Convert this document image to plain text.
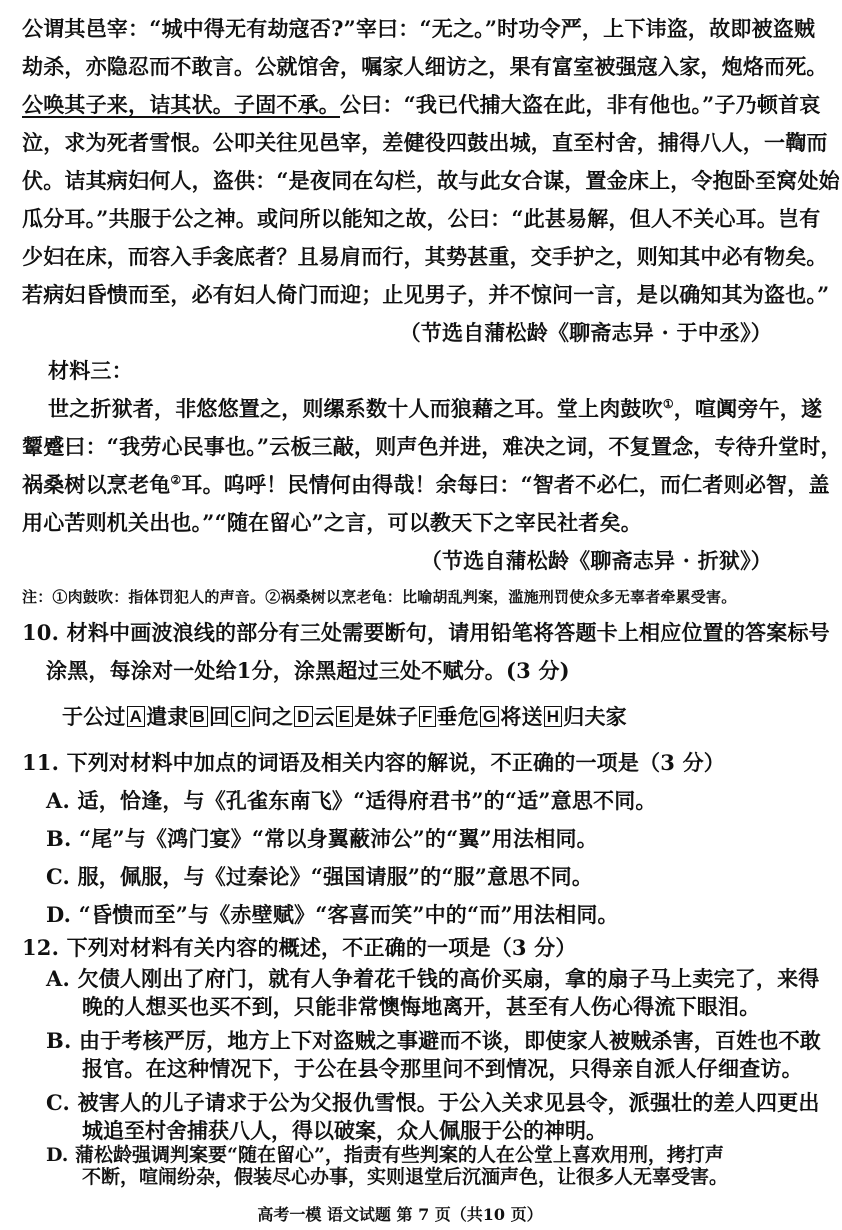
公谓其邑宰：“城中得无有劫寇否?”宰曰：“无之。”时功令严，上下讳盗，故即被盗贼
劫杀，亦隐忍而不敢言。公就馆舍，嘱家人细访之，果有富室被强寇入家，炮烙而死。
公唤其子来，诘其状。子固不承。公曰：“我已代捕大盗在此，非有他也。”子乃顿首哀
泣，求为死者雪恨。公叩关往见邑宰，差健役四鼓出城，直至村舍，捕得八人，一鞫而
伏。诘其病妇何人，盗供：“是夜同在勾栏，故与此女合谋，置金床上，令抱卧至窝处始
瓜分耳。”共服于公之神。或问所以能知之故，公曰：“此甚易解，但人不关心耳。岂有
少妇在床，而容入手衾底者？且易肩而行，其势甚重，交手护之，则知其中必有物矣。
若病妇昏愦而至，必有妇人倚门而迎；止见男子，并不惊问一言，是以确知其为盗也。”
（节选自蒲松龄《聊斋志异 · 于中丞》）
材料三：
世之折狱者，非悠悠置之，则缧系数十人而狼藉之耳。堂上肉鼓吹①，喧阗旁午，遂
颦蹙曰：“我劳心民事也。”云板三敲，则声色并进，难决之词，不复置念，专待升堂时，
祸桑树以烹老龟②耳。呜呼！民情何由得哉！余每曰：“智者不必仁，而仁者则必智，盖
用心苦则机关出也。”“随在留心”之言，可以教天下之宰民社者矣。
（节选自蒲松龄《聊斋志异 · 折狱》）
注：①肉鼓吹：指体罚犯人的声音。②祸桑树以烹老龟：比喻胡乱判案，滥施刑罚使众多无辜者牵累受害。
10. 材料中画波浪线的部分有三处需要断句，请用铅笔将答题卡上相应位置的答案标号
涂黑，每涂对一处给1分，涂黑超过三处不赋分。(3 分)
于公过 A 遣隶 B 回 C 问之 D 云 E 是妹子 F 垂危 G 将送 H 归夫家
11. 下列对材料中加点的词语及相关内容的解说，不正确的一项是（3 分）
A. 适，恰逢，与《孔雀东南飞》“适得府君书”的“适”意思不同。
B. “尾”与《鸿门宴》“常以身翼蔽沛公”的“翼”用法相同。
C. 服，佩服，与《过秦论》“强国请服”的“服”意思不同。
D. “昏愦而至”与《赤壁赋》“客喜而笑”中的“而”用法相同。
12. 下列对材料有关内容的概述，不正确的一项是（3 分）
A. 欠债人刚出了府门，就有人争着花千钱的高价买扇，拿的扇子马上卖完了，来得
晚的人想买也买不到，只能非常懊悔地离开，甚至有人伤心得流下眼泪。
B. 由于考核严厉，地方上下对盗贼之事避而不谈，即使家人被贼杀害，百姓也不敢
报官。在这种情况下，于公在县令那里问不到情况，只得亲自派人仔细查访。
C. 被害人的儿子请求于公为父报仇雪恨。于公入关求见县令，派强壮的差人四更出
高考一模 语文试题 第 7 页（共10 页）
城追至村舍捕获八人，得以破案，众人佩服于公的神明。
D. 蒲松龄强调判案要“随在留心”，指责有些判案的人在公堂上喜欢用刑，拷打声
不断，喧闹纷杂，假装尽心办事，实则退堂后沉湎声色，让很多人无辜受害。
